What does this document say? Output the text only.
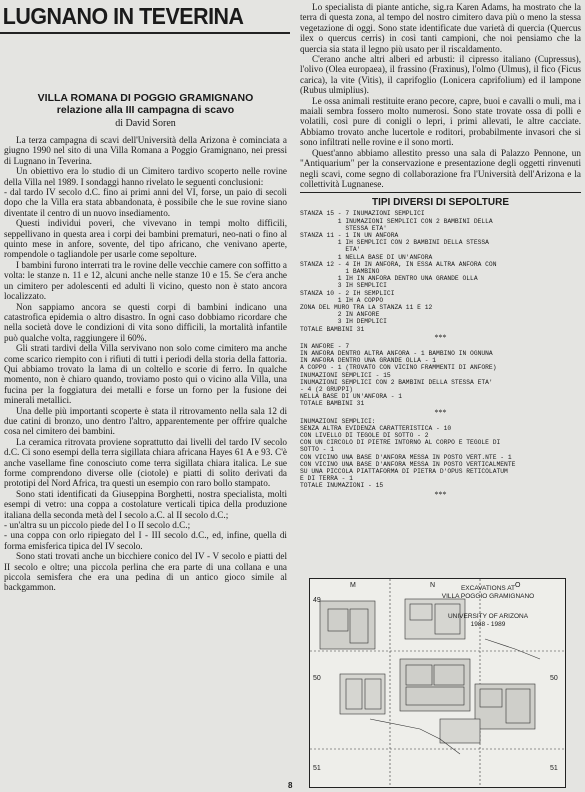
LUGNANO IN TEVERINA
VILLA ROMANA DI POGGIO GRAMIGNANO
relazione alla III campagna di scavo
di David Soren

La terza campagna di scavi dell'Università della Arizona è cominciata a giugno 1990 nel sito di una Villa Romana a Poggio Gramignano, nei pressi di Lugnano in Teverina.

Un obiettivo era lo studio di un Cimitero tardivo scoperto nelle rovine della Villa nel 1989. I sondaggi hanno rivelato le seguenti conclusioni:

- dal tardo IV secolo d.C. fino ai primi anni del VI, forse, un paio di secoli dopo che la Villa era stata abbandonata, è possibile che le sue rovine siano diventate il centro di un nuovo insediamento.

Questi individui poveri, che vivevano in tempi molto difficili, seppellivano in questa area i corpi dei bambini prematuri, neo-nati o fino al quinto mese in anfore, sovente, del tipo africano, che venivano aperte, rompendole o tagliandole per usarle come sepolture.

I bambini furono interrati tra le rovine delle vecchie camere con soffitto a volta: le stanze n. 11 e 12, alcuni anche nelle stanze 10 e 15. Se c'era anche un cimitero per adolescenti ed adulti lì vicino, questo non è stato ancora localizzato.

Non sappiamo ancora se questi corpi di bambini indicano una catastrofica epidemia o altro disastro. In ogni caso dobbiamo ricordare che nella società dove le condizioni di vita sono difficili, la mortalità infantile può qualche volta, raggiungere il 60%.

Gli strati tardivi della Villa servivano non solo come cimitero ma anche come scarico riempito con i rifiuti di tutti i periodi della storia della fattoria. Qui abbiamo trovato la lama di un coltello e scorie di ferro. In qualche momento, non è chiaro quando, troviamo posto qui o vicino alla Villa, una fucina per la foggiatura dei metalli e forse un forno per la fusione dei minerali metallici.

Una delle più importanti scoperte è stata il ritrovamento nella sala 12 di due catini di bronzo, uno dentro l'altro, apparentemente per offrire qualche cosa nel cimitero dei bambini.

La ceramica ritrovata proviene soprattutto dai livelli del tardo IV secolo d.C. Ci sono esempi della terra sigillata chiara africana Hayes 61 A e 93. C'è anche vasellame fine conosciuto come terra sigillata chiara italica. Le sue forme comprendono diverse olle (ciotole) e piatti di solito derivati da prototipi del Nord Africa, tra questi un esempio con raro bollo stampato.

Sono stati identificati da Giuseppina Borghetti, nostra specialista, molti esempi di vetro: una coppa a costolature verticali tipica della produzione italiana della seconda metà del I secolo a.C. al II secolo d.C.;

- un'altra su un piccolo piede del I o II secolo d.C.;

- una coppa con orlo ripiegato del I - III secolo d.C., ed, infine, quella di forma emisferica tipica del IV secolo.

Sono stati trovati anche un bicchiere conico del IV - V secolo e piatti del II secolo e oltre; una piccola perlina che era parte di una collana e una piccola semisfera che era una pedina di un antico gioco simile al backgammon.

Lo specialista di piante antiche, sig.ra Karen Adams, ha mostrato che la terra di questa zona, al tempo del nostro cimitero dava più o meno la stessa vegetazione di oggi. Sono state identificate due varietà di quercia (Quercus ilex o quercus cerris) in così tanti campioni, che noi pensiamo che la quercia sia stata il legno più usato per il riscaldamento.

C'erano anche altri alberi ed arbusti: il cipresso italiano (Cupressus), l'olivo (Olea europaea), il frassino (Fraxinus), l'olmo (Ulmus), il fico (Ficus carica), la vite (Vitis), il caprifoglio (Lonicera caprifolium) ed il lampone (Rubus ulmiplius).

Le ossa animali restituite erano pecore, capre, buoi e cavalli o muli, ma i maiali sembra fossero molto numerosi. Sono state trovate ossa di polli e volatili, così pure di conigli o lepri, i primi allevati, le altre cacciate. Abbiamo trovato anche lucertole e roditori, probabilmente invasori che si sono infiltrati nelle rovine e il sono morti.

Quest'anno abbiamo allestito presso una sala di Palazzo Pennone, un "Antiquarium" per la conservazione e presentazione degli oggetti rinvenuti negli scavi, come segno di collaborazione fra l'Università dell'Arizona e la collettività Lugnanese.

TIPI DIVERSI DI SEPOLTURE
STANZA 15 - 7 INUMAZIONI SEMPLICI
1 INUMAZIONI SEMPLICI CON 2 BAMBINI DELLA
STESSA ETA'
STANZA 11 - 1 IN UN ANFORA
1 IH SEMPLICI CON 2 BAMBINI DELLA STESSA
ETA'
1 NELLA BASE DI UN'ANFORA
STANZA 12 - 4 IH IN ANFORA, IN ESSA ALTRA ANFORA CON
1 BAMBINO
1 IH IN ANFORA DENTRO UNA GRANDE OLLA
3 IH SEMPLICI
STANZA 10 - 2 IH SEMPLICI
1 IH A COPPO
ZONA DEL MURO TRA LA STANZA 11 E 12
2 IN ANFORE
3 IH DEMPLICI
TOTALE BAMBINI 31
***
IN ANFORE - 7
IN ANFORA DENTRO ALTRA ANFORA - 1 BAMBINO IN OGNUNA
IN ANFORA DENTRO UNA GRANDE OLLA - 1
A COPPO - 1 (TROVATO CON VICINO FRAMMENTI DI ANFORE)
INUMAZIONI SEMPLICI - 15
INUMAZIONI SEMPLICI CON 2 BAMBINI DELLA STESSA ETA'
- 4 (2 GRUPPI)
NELLA BASE DI UN'ANFORA - 1
TOTALE BAMBINI 31
***
INUMAZIONI SEMPLICI:
SENZA ALTRA EVIDENZA CARATTERISTICA - 10
CON LIVELLO DI TEGOLE DI SOTTO - 2
CON UN CIRCOLO DI PIETRE INTORNO AL CORPO E TEGOLE DI
SOTTO - 1
CON VICINO UNA BASE D'ANFORA MESSA IN POSTO VERT.NTE - 1
CON VICINO UNA BASE D'ANFORA MESSA IN POSTO VERTICALMENTE
SU UNA PICCOLA PIATTAFORMA DI PIETRA D'OPUS RETICOLATUM
E DI TERRA - 1
TOTALE INUMAZIONI - 15
***
EXCAVATIONS AT
VILLA POGGIO GRAMIGNANO
UNIVERSITY OF ARIZONA
1988 - 1989
M	N	O
49
50	50
51	51
8
